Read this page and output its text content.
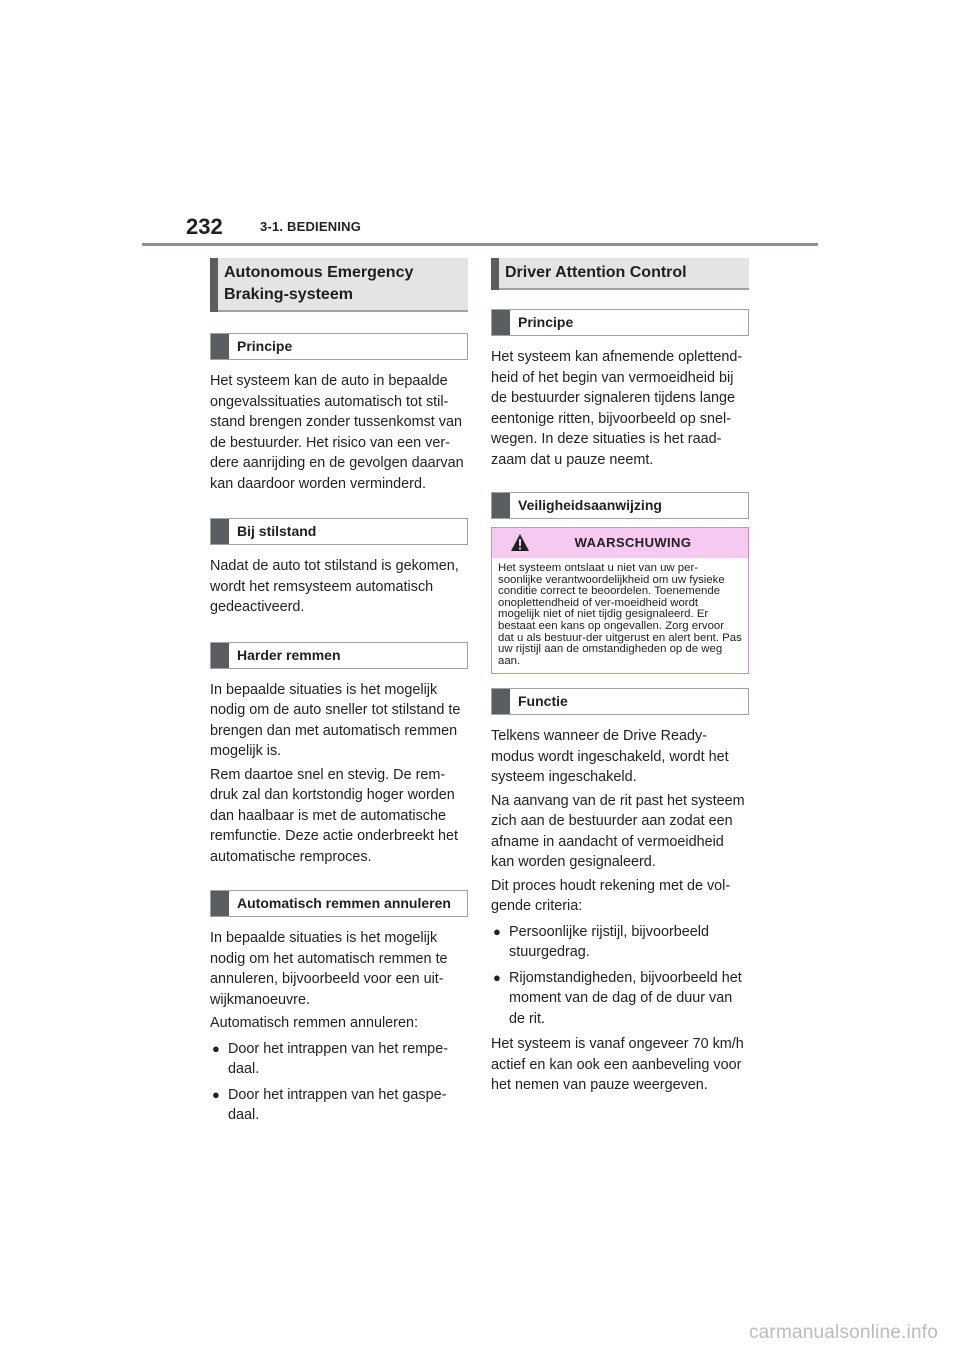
232	3-1. BEDIENING
Autonomous Emergency Braking-systeem
Principe

Het systeem kan de auto in bepaalde ongevalssituaties automatisch tot stil-stand brengen zonder tussenkomst van de bestuurder. Het risico van een ver-dere aanrijding en de gevolgen daarvan kan daardoor worden verminderd.

Bij stilstand

Nadat de auto tot stilstand is gekomen, wordt het remsysteem automatisch gedeactiveerd.

Harder remmen

In bepaalde situaties is het mogelijk nodig om de auto sneller tot stilstand te brengen dan met automatisch remmen mogelijk is.

Rem daartoe snel en stevig. De rem-druk zal dan kortstondig hoger worden dan haalbaar is met de automatische remfunctie. Deze actie onderbreekt het automatische remproces.

Automatisch remmen annuleren

In bepaalde situaties is het mogelijk nodig om het automatisch remmen te annuleren, bijvoorbeeld voor een uit-wijkmanoeuvre.

Automatisch remmen annuleren:

● Door het intrappen van het rempe-daal.
● Door het intrappen van het gaspe-daal.
Driver Attention Control
Principe

Het systeem kan afnemende oplettend-heid of het begin van vermoeidheid bij de bestuurder signaleren tijdens lange eentonige ritten, bijvoorbeeld op snel-wegen. In deze situaties is het raad-zaam dat u pauze neemt.

Veiligheidsaanwijzing
WAARSCHUWING
Het systeem ontslaat u niet van uw per-soonlijke verantwoordelijkheid om uw fysieke conditie correct te beoordelen. Toenemende onoplettendheid of ver-moeidheid wordt mogelijk niet of niet tijdig gesignaleerd. Er bestaat een kans op ongevallen. Zorg ervoor dat u als bestuur-der uitgerust en alert bent. Pas uw rijstijl aan de omstandigheden op de weg aan.
Functie

Telkens wanneer de Drive Ready-modus wordt ingeschakeld, wordt het systeem ingeschakeld.

Na aanvang van de rit past het systeem zich aan de bestuurder aan zodat een afname in aandacht of vermoeidheid kan worden gesignaleerd.

Dit proces houdt rekening met de vol-gende criteria:

● Persoonlijke rijstijl, bijvoorbeeld stuurgedrag.
● Rijomstandigheden, bijvoorbeeld het moment van de dag of de duur van de rit.

Het systeem is vanaf ongeveer 70 km/h actief en kan ook een aanbeveling voor het nemen van pauze weergeven.

carmanualsonline.info
